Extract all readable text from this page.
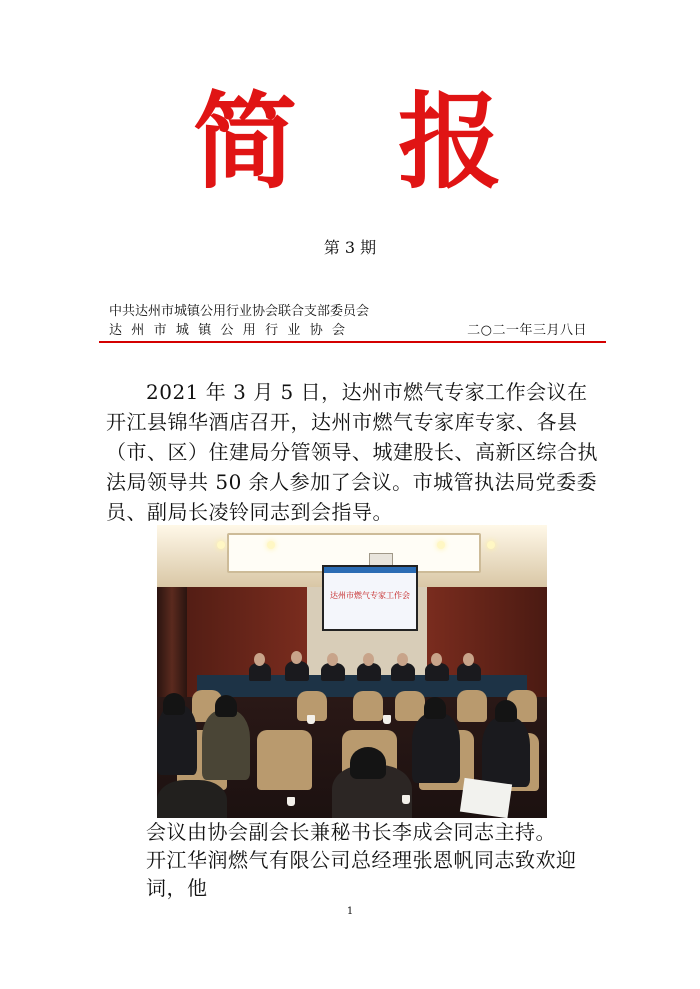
简 报
第 3 期
中共达州市城镇公用行业协会联合支部委员会
达州市城镇公用行业协会	二○二一年三月八日
2021 年 3 月 5 日，达州市燃气专家工作会议在开江县锦华酒店召开，达州市燃气专家库专家、各县（市、区）住建局分管领导、城建股长、高新区综合执法局领导共 50 余人参加了会议。市城管执法局党委委员、副局长凌铃同志到会指导。
达州市燃气专家工作会
会议由协会副会长兼秘书长李成会同志主持。
开江华润燃气有限公司总经理张恩帆同志致欢迎词，他
1
